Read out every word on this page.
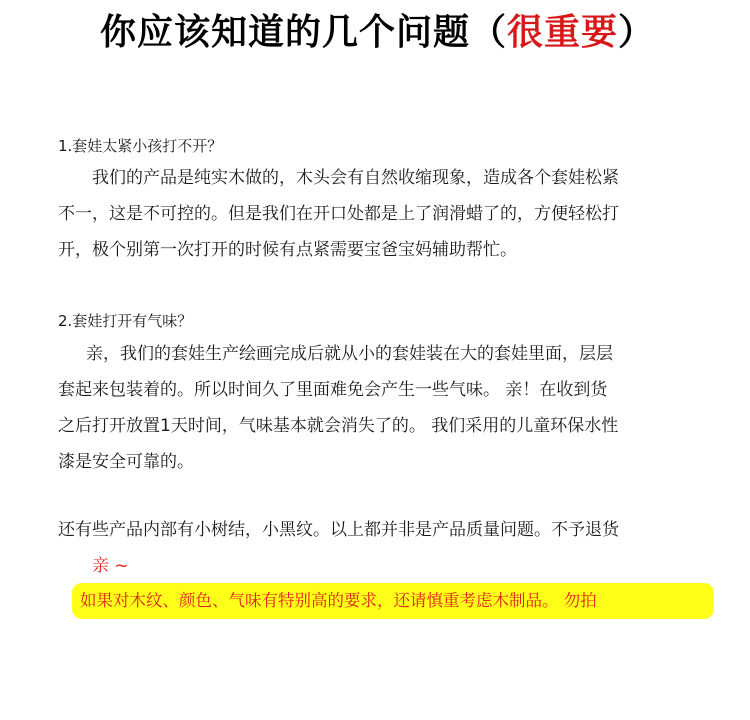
你应该知道的几个问题（很重要）
1.套娃太紧小孩打不开？
我们的产品是纯实木做的，木头会有自然收缩现象，造成各个套娃松紧
不一，这是不可控的。但是我们在开口处都是上了润滑蜡了的，方便轻松打
开，极个别第一次打开的时候有点紧需要宝爸宝妈辅助帮忙。
2.套娃打开有气味？
亲，我们的套娃生产绘画完成后就从小的套娃装在大的套娃里面，层层
套起来包装着的。所以时间久了里面难免会产生一些气味。 亲！在收到货
之后打开放置1天时间，气味基本就会消失了的。 我们采用的儿童环保水性
漆是安全可靠的。
还有些产品内部有小树结，小黑纹。以上都并非是产品质量问题。不予退货
亲 ~
如果对木纹、颜色、气味有特别高的要求，还请慎重考虑木制品。 勿拍
